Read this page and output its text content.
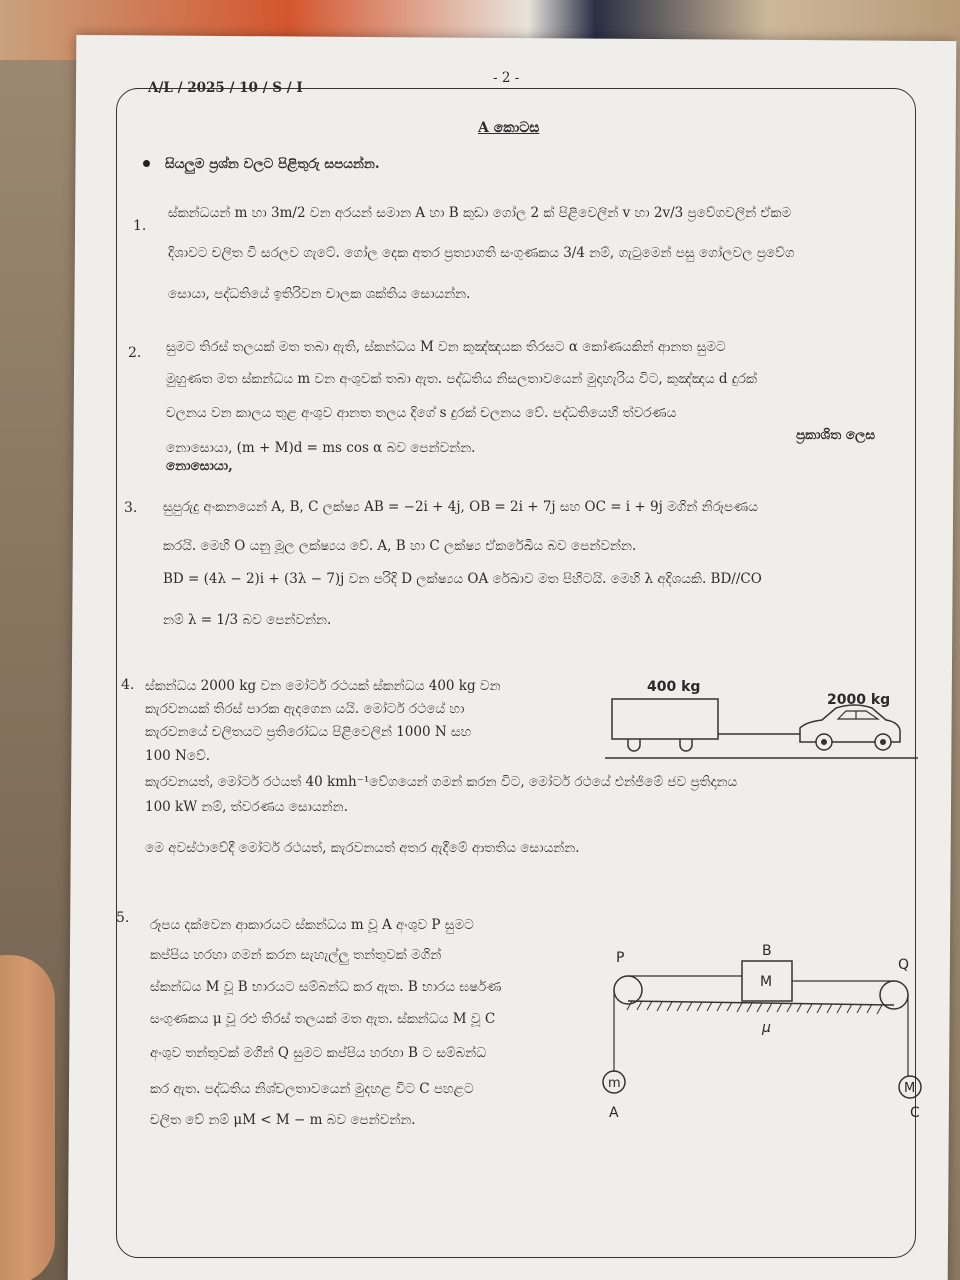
A/L / 2025 / 10 / S / I
- 2 -
A කොටස
සියලුම ප්‍රශ්න වලට පිළිතුරු සපයන්න.
1.
ස්කන්ධයන් m හා 3m/2 වන අරයන් සමාන A හා B කුඩා ගෝල 2 ක් පිළිවෙලින් v හා 2v/3 ප්‍රවේගවලින් ඒකම
දිශාවට චලිත වී සරලව ගැටේ. ගෝල දෙක අතර ප්‍රත්‍යාගති සංගුණකය 3/4 නම්, ගැටුමෙන් පසු ගෝලවල ප්‍රවේග
සොයා, පද්ධතියේ ඉතිරිවන චාලක ශක්තිය සොයන්න.
2. සුමට තිරස් තලයක් මත තබා ඇති, ස්කන්ධය M වන කුඤ්ඤයක තිරසට α කෝණයකින් ආනත සුමට
මුහුණත මත ස්කන්ධය m වන අංශුවක් තබා ඇත. පද්ධතිය නිසලතාවයෙන් මුදාහැරිය විට, කුඤ්ඤය d දුරක්
චලනය වන කාලය තුළ අංශුව ආනත තලය දිගේ s දුරක් චලනය වේ. පද්ධතියෙහි ත්වරණය
ප්‍රකාශිත ලෙස
නොසොයා, (m + M)d = ms cos α බව පෙන්වන්න.
නොසොයා,
3. සුපුරුදු අංකනයෙන් A, B, C ලක්ෂ්‍ය AB = −2i + 4j, OB = 2i + 7j සහ OC = i + 9j මගින් නිරූපණය
කරයි. මෙහි O යනු මූල ලක්ෂ්‍යය වේ. A, B හා C ලක්ෂ්‍ය ඒකරේඛීය බව පෙන්වන්න.
BD = (4λ − 2)i + (3λ − 7)j වන පරිදි D ලක්ෂ්‍යය OA රේඛාව මත පිහිටයි. මෙහි λ අදිශයකි. BD//CO
නම් λ = 1/3 බව පෙන්වන්න.
4. ස්කන්ධය 2000 kg වන මෝටර් රථයක් ස්කන්ධය 400 kg වන
කැරවනයක් තිරස් පාරක ඇදගෙන යයි. මෝටර් රථයේ හා
කැරවනයේ චලිතයට ප්‍රතිරෝධය පිළිවෙලින් 1000 N සහ
100 Nවේ.
කැරවනයත්, මෝටර් රථයත් 40 kmh⁻¹වේගයෙන් ගමන් කරන විට, මෝටර් රථයේ එන්ජිමේ ජව ප්‍රතිදානය
100 kW නම්, ත්වරණය සොයන්න.
මෙ අවස්ථාවේදී මෝටර් රථයත්, කැරවනයත් අතර ඇදීමේ ආතතිය සොයන්න.
400 kg
2000 kg
5. රූපය දක්වෙන ආකාරයට ස්කන්ධය m වූ A අංශුව P සුමට
කප්පිය හරහා ගමන් කරන සැහැල්ලු තන්තුවක් මගින්
ස්කන්ධය M වූ B භාරයට සම්බන්ධ කර ඇත. B භාරය ඝර්ෂණ
සංගුණකය μ වූ රළු තිරස් තලයක් මත ඇත. ස්කන්ධය M වූ C
අංශුව තන්තුවක් මගින් Q සුමට කප්පිය හරහා B ට සම්බන්ධ
කර ඇත. පද්ධතිය නිශ්චලතාවයෙන් මුදහළ විට C පහළට
චලිත වේ නම් μM < M − m බව පෙන්වන්න.
P	Q
B
M
μ
m
A
M
C
